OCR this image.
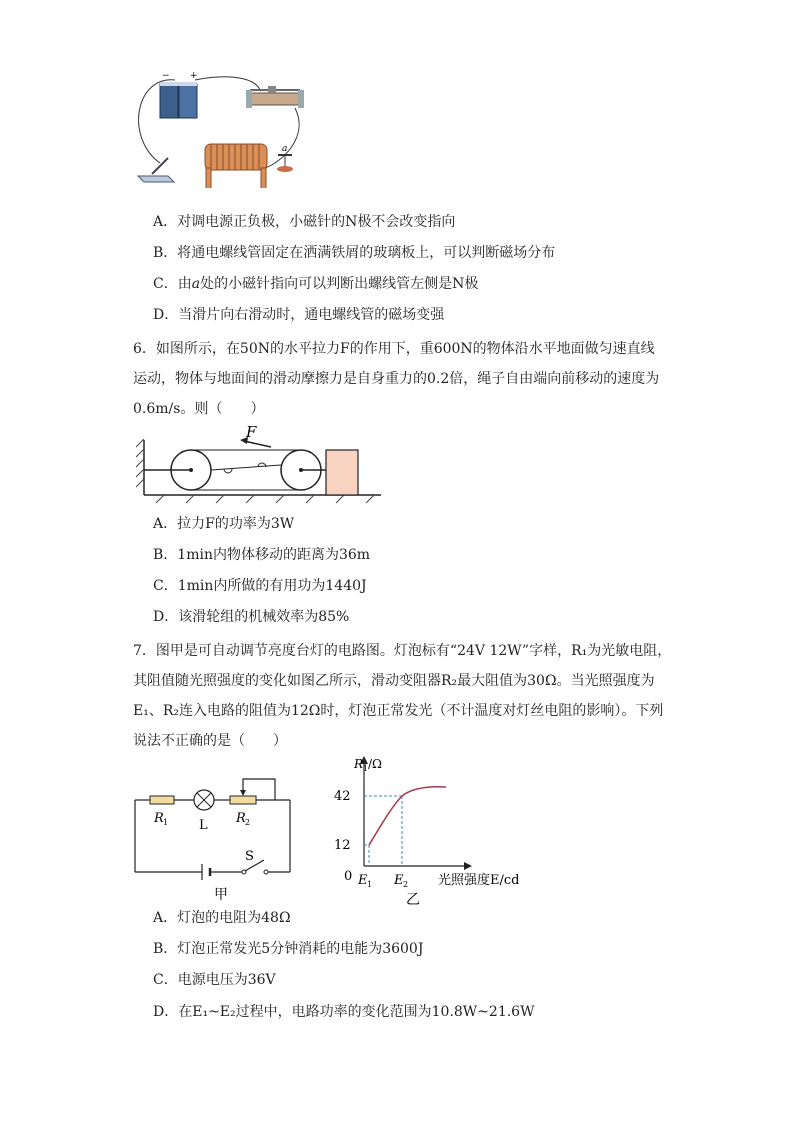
− +
a
A．对调电源正负极，小磁针的N极不会改变指向
B．将通电螺线管固定在洒满铁屑的玻璃板上，可以判断磁场分布
C．由a处的小磁针指向可以判断出螺线管左侧是N极
D．当滑片向右滑动时，通电螺线管的磁场变强
6．如图所示，在50N的水平拉力F的作用下，重600N的物体沿水平地面做匀速直线
运动，物体与地面间的滑动摩擦力是自身重力的0.2倍，绳子自由端向前移动的速度为
0.6m/s。则（　　）
F
A．拉力F的功率为3W
B．1min内物体移动的距离为36m
C．1min内所做的有用功为1440J
D．该滑轮组的机械效率为85%
7．图甲是可自动调节亮度台灯的电路图。灯泡标有“24V 12W”字样，R₁为光敏电阻，
其阻值随光照强度的变化如图乙所示，滑动变阻器R₂最大阻值为30Ω。当光照强度为
E₁、R₂连入电路的阻值为12Ω时，灯泡正常发光（不计温度对灯丝电阻的影响）。下列
说法不正确的是（　　）
R 1 L R 2
S
甲
R 1 /Ω
42
12
0 E 1 E 2 光照强度E/cd
乙
A．灯泡的电阻为48Ω
B．灯泡正常发光5分钟消耗的电能为3600J
C．电源电压为36V
D．在E₁~E₂过程中，电路功率的变化范围为10.8W~21.6W
